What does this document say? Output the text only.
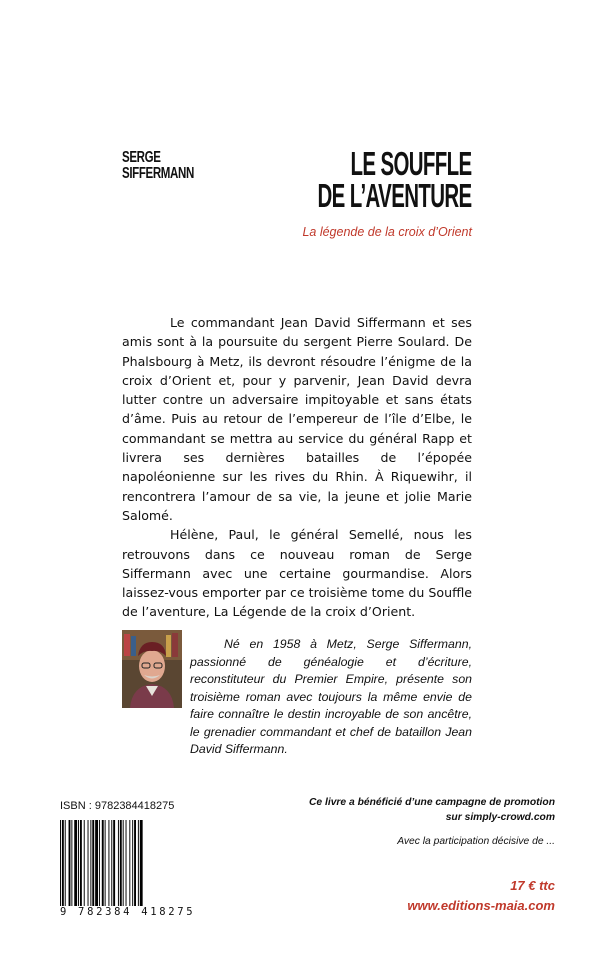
SERGE
SIFFERMANN	LE SOUFFLE
DE L’AVENTURE
La légende de la croix d’Orient

Le commandant Jean David Siffermann et ses amis sont à la poursuite du sergent Pierre Soulard. De Phalsbourg à Metz, ils devront résoudre l’énigme de la croix d’Orient et, pour y parvenir, Jean David devra lutter contre un adversaire impitoyable et sans états d’âme. Puis au retour de l’empereur de l’île d’Elbe, le commandant se mettra au service du général Rapp et livrera ses dernières batailles de l’épopée napoléonienne sur les rives du Rhin. À Riquewihr, il rencontrera l’amour de sa vie, la jeune et jolie Marie Salomé.

Hélène, Paul, le général Semellé, nous les retrouvons dans ce nouveau roman de Serge Siffermann avec une certaine gourmandise. Alors laissez-vous emporter par ce troisième tome du Souffle de l’aventure, La Légende de la croix d’Orient.

Né en 1958 à Metz, Serge Siffermann, passionné de généalogie et d’écriture, reconstituteur du Premier Empire, présente son troisième roman avec toujours la même envie de faire connaître le destin incroyable de son ancêtre, le grenadier commandant et chef de bataillon Jean David Siffermann.

ISBN : 9782384418275
9 782384 418275
Ce livre a bénéficié d’une campagne de promotion
sur simply-crowd.com
Avec la participation décisive de ...
17 € ttc
www.editions-maia.com
